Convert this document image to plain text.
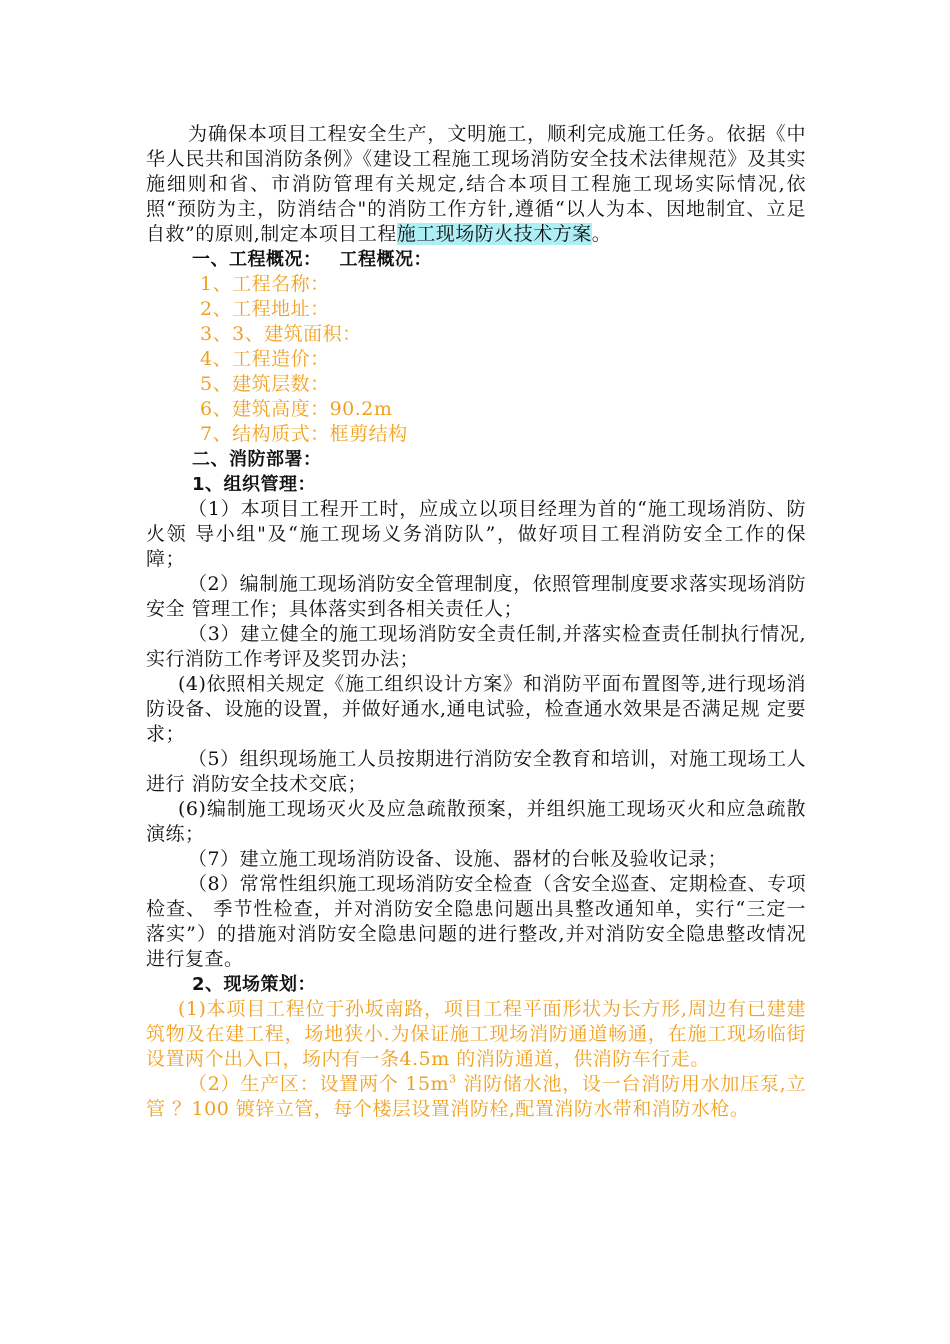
为确保本项目工程安全生产，文明施工，顺利完成施工任务。依据《中华人民共和国消防条例》《建设工程施工现场消防安全技术法律规范》及其实施细则和省、市消防管理有关规定,结合本项目工程施工现场实际情况,依照“预防为主，防消结合"的消防工作方针,遵循“以人为本、因地制宜、立足自救”的原则,制定本项目工程施工现场防火技术方案。

一、工程概况： 工程概况：

1、工程名称：

2、工程地址：

3、3、建筑面积：

4、工程造价：

5、建筑层数：

6、建筑高度：90.2m

7、结构质式：框剪结构

二、消防部署：

1、组织管理：

（1）本项目工程开工时，应成立以项目经理为首的“施工现场消防、防火领 导小组"及“施工现场义务消防队”，做好项目工程消防安全工作的保障；

（2）编制施工现场消防安全管理制度，依照管理制度要求落实现场消防安全 管理工作；具体落实到各相关责任人；

（3）建立健全的施工现场消防安全责任制,并落实检查责任制执行情况,实行消防工作考评及奖罚办法；

(4)依照相关规定《施工组织设计方案》和消防平面布置图等,进行现场消防设备、设施的设置，并做好通水,通电试验，检查通水效果是否满足规 定要求；

（5）组织现场施工人员按期进行消防安全教育和培训，对施工现场工人进行 消防安全技术交底；

(6)编制施工现场灭火及应急疏散预案，并组织施工现场灭火和应急疏散演练；

（7）建立施工现场消防设备、设施、器材的台帐及验收记录；

（8）常常性组织施工现场消防安全检查（含安全巡查、定期检查、专项检查、 季节性检查，并对消防安全隐患问题出具整改通知单，实行“三定一落实”）的措施对消防安全隐患问题的进行整改,并对消防安全隐患整改情况 进行复查。

2、现场策划：

(1)本项目工程位于孙坂南路，项目工程平面形状为长方形,周边有已建建 筑物及在建工程，场地狭小.为保证施工现场消防通道畅通，在施工现场临街设置两个出入口，场内有一条4.5m 的消防通道，供消防车行走。

（2）生产区：设置两个 $15m^3$ 消防储水池，设一台消防用水加压泵,立管 ？100 镀锌立管，每个楼层设置消防栓,配置消防水带和消防水枪。
